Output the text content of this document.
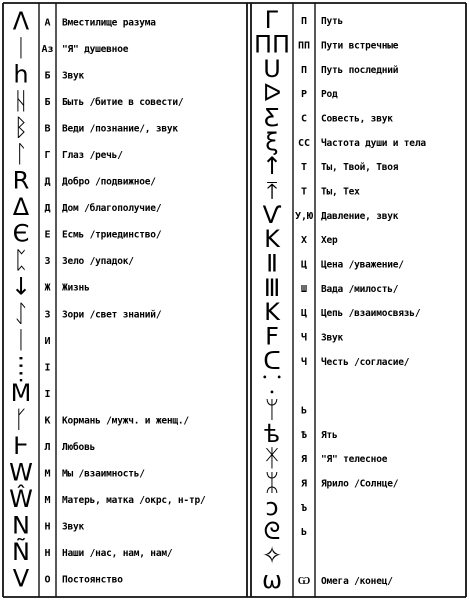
ᐱ А Вместилище разума
ᛁ Аз "Я" душевное
h Б Звук
ᚺ Б Быть /битие в совести/
ᛒ В Веди /познание/, звук
ᛚ Г Глаз /речь/
R Д Добро /подвижное/
Δ Д Дом /благополучие/
Є Е Есмь /триединство/
ᛈ З Зело /упадок/
↓ Ж Жизнь
ᛇ З Зори /свет знаний/
ᛁ И
ⵗ І
Ṁ І
ᚴ К Кормань /мужч. и женщ./
Ⱶ Л Любовь
W М Мы /взаимность/
Ŵ М Матерь, матка /окрс, н-тр/
N Н Звук
Ñ Н Наши /нас, нам, нам/
V О Постоянство
Г П Путь
ПП ПП Пути встречные
Ս П Путь последний
ᐅ Р Род
Ƹ С Совесть, звук
ξ СС Частота души и тела
↑ Т Ты, Твой, Твоя
⤒ Т Ты, Тех
Ѵ У,Ю Давление, звук
K Х Хер
Ⅱ Ц Цена /уважение/
Ⅲ Ш Вада /милость/
K Ц Цепь /взаимосвязь/
F Ч Звук
ᑕ Ч Честь /согласие/
⸪
ᛘ Ь
ѣ Ѣ Ять
ᛡ Я "Я" телесное
ᛯ Я Ярило /Солнце/
ͻ Ъ
ᘓ Ь
✧
ω Ѡ Омега /конец/
